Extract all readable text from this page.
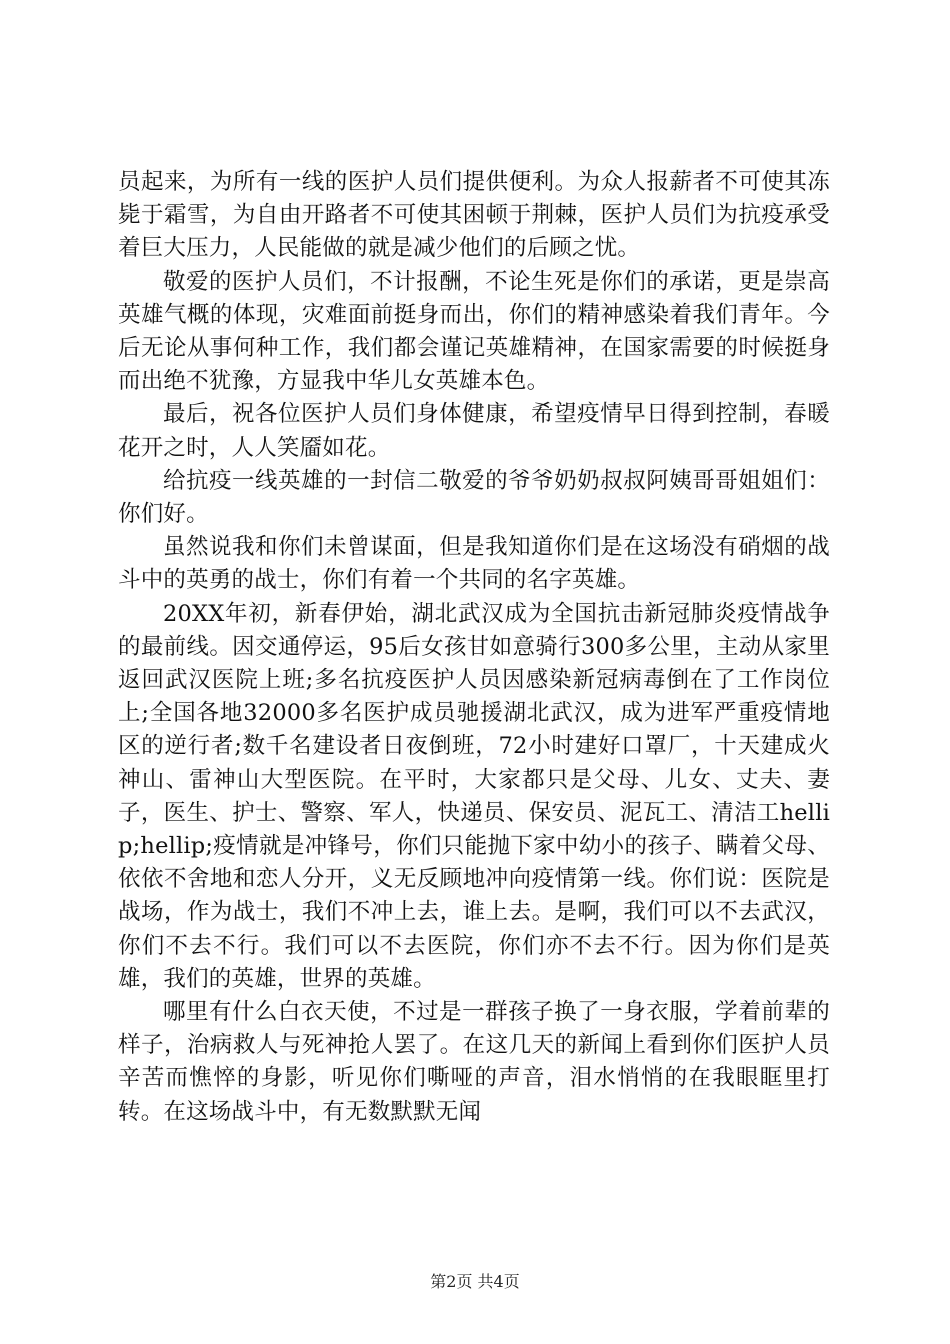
员起来，为所有一线的医护人员们提供便利。为众人报薪者不可使其冻毙于霜雪，为自由开路者不可使其困顿于荆棘，医护人员们为抗疫承受着巨大压力，人民能做的就是减少他们的后顾之忧。

敬爱的医护人员们，不计报酬，不论生死是你们的承诺，更是崇高英雄气概的体现，灾难面前挺身而出，你们的精神感染着我们青年。今后无论从事何种工作，我们都会谨记英雄精神，在国家需要的时候挺身而出绝不犹豫，方显我中华儿女英雄本色。

最后，祝各位医护人员们身体健康，希望疫情早日得到控制，春暖花开之时，人人笑靥如花。

给抗疫一线英雄的一封信二敬爱的爷爷奶奶叔叔阿姨哥哥姐姐们：你们好。

虽然说我和你们未曾谋面，但是我知道你们是在这场没有硝烟的战斗中的英勇的战士，你们有着一个共同的名字英雄。

20XX年初，新春伊始，湖北武汉成为全国抗击新冠肺炎疫情战争的最前线。因交通停运，95后女孩甘如意骑行300多公里，主动从家里返回武汉医院上班;多名抗疫医护人员因感染新冠病毒倒在了工作岗位上;全国各地32000多名医护成员驰援湖北武汉，成为进军严重疫情地区的逆行者;数千名建设者日夜倒班，72小时建好口罩厂，十天建成火神山、雷神山大型医院。在平时，大家都只是父母、儿女、丈夫、妻子，医生、护士、警察、军人，快递员、保安员、泥瓦工、清洁工hellip;hellip;疫情就是冲锋号，你们只能抛下家中幼小的孩子、瞒着父母、依依不舍地和恋人分开，义无反顾地冲向疫情第一线。你们说：医院是战场，作为战士，我们不冲上去，谁上去。是啊，我们可以不去武汉，你们不去不行。我们可以不去医院，你们亦不去不行。因为你们是英雄，我们的英雄，世界的英雄。

哪里有什么白衣天使，不过是一群孩子换了一身衣服，学着前辈的样子，治病救人与死神抢人罢了。在这几天的新闻上看到你们医护人员辛苦而憔悴的身影，听见你们嘶哑的声音，泪水悄悄的在我眼眶里打转。在这场战斗中，有无数默默无闻

第2页 共4页
